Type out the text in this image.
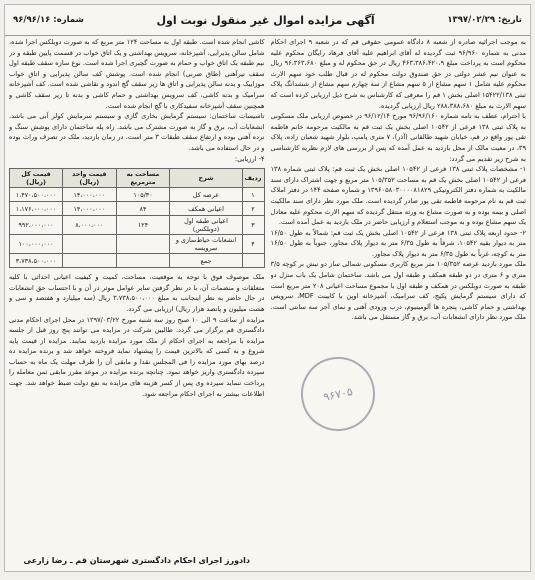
تاریخ: ۱۳۹۷/۰۲/۲۹
آگهی مزایده اموال غیر منقول نوبت اول
شماره: ۹۶/۹۶/۱۶

به موجب اجرائیه صادره از شعبه ۸ دادگاه عمومی حقوقی قم که در شعبه ۹ اجرای احکام مدنی به شماره ۹۶/۹۶۰ ثبت گردیده له آقای ابراهیم علیه آقای فرهاد رایگان محکوم علیه محکوم است به پرداخت مبلغ ۴۶۳،۳۸۶،۴۲۰،۹ ریال در حق محکوم له و مبلغ ۹۶،۳۶۳،۶۸۰ ریال به عنوان نیم عشر دولتی در حق صندوق دولت محکوم له در قبال طلب خود سهم الارث محکوم علیه شامل ۱ سهم مشاع از ۵ سهم مشاع از سه چهارم سهم مشاع از ششدانگ پلاک ثبتی ۱۵۴۲۲/۱۳۸ اصلی بخش ۱ قم را معرفی که کارشناس به شرح ذیل ارزیابی کرده است که سهم الارث به مبلغ ۲۸۸،۳۸۸،۶۸۰ ریال ارزیابی گردیده.

با احترام، عطف به نامه شماره ۹۶/۹۶/۱۶۰ مورخ ۹۶/۱۲/۱۴ در خصوص ارزیابی ملک مسکونی به پلاک ثبتی ۱۳۸ فرعی از ۱۰۵۴۲ اصلی بخش یک ثبت قم به مالکیت مرحومه خانم فاطمه تقی پور واقع در قم، خیابان شهید طالقانی (آذر)، ۷ متری پامپ، بلوار شهید شعبان زاده، پلاک ۳۹، در معیت مالک از محل بازدید به عمل آمده که پس از بررسی های لازم نظریه کارشناسی به شرح زیر تقدیم می گردد:

۱- مشخصات پلاک ثبتی ۱۳۸ فرعی از ۱۰۵۴۲ اصلی بخش یک ثبت قم: پلاک ثبتی شماره ۱۳۸ فرعی از ۱۰۵۴۲ اصلی بخش یک قم به مساحت ۱۰۵/۳۵۲ متر مربع و جهت اشتراک دارای سند مالکیت به شماره دفتر الکترونیکی ۱۳۹۶۰۵۸۰۳۰۰۰۰۸۱۸۲۹ و شماره صفحه ۱۴۴ در دفتر املاک ثبت قم به نام مرحومه فاطمه تقی پور صادر گردیده است. ملک مورد نظر دارای سند مالکیت اصلی و بیمه بوده و به صورت مشاع به ورثه منتقل گردیده که سهم الارث محکوم علیه معادل یک سهم مشاع بوده و به موجب استعلام و ارزیابی حاضر در ملک بازدید به عمل آمده است.

۲- حدود اربعه پلاک ثبتی ۱۳۸ فرعی از ۱۰۵۴۲ اصلی بخش یک ثبت قم: شمالاً به طول ۱۶/۵۰ متر به دیوار بقیه ۱۰۵۴۲، شرقاً به طول ۶/۳۵ متر به دیوار پلاک مجاور، جنوباً به طول ۱۶/۵۰ متر به کوچه، غرباً به طول ۶/۳۵ متر به دیوار پلاک مجاور.

ملک مورد بازدید عرصه ۱۰۵/۳۵۲ متر مربع کاربری مسکونی شمالی ساز دو نبش بر کوچه ۳/۵ متری و ۶ متری در دو طبقه همکف و طبقه اول می باشد. ساختمان شامل یک باب منزل دو طبقه به صورت دوبلکس در همکف و طبقه اول با مجموع مساحت اعیانی ۲۰۸ متر مربع است که دارای سیستم گرمایش پکیج، کف سرامیک، آشپزخانه اوپن با کابینت MDF، سرویس بهداشتی و حمام کاشی، پنجره ها آلومینیوم، درب ورودی آهنی و نمای آجر سه سانتی است. ملک مورد نظر دارای انشعابات آب، برق و گاز مستقل می باشد.

۹۶۷۰۵

کاشی انجام شده است. طبقه اول به مساحت ۱۲۴ متر مربع که به صورت دوبلکس اجرا شده، شامل سالن پذیرایی، آشپزخانه، سرویس بهداشتی و یک اتاق خواب در قسمت پایین طبقه و در نیم طبقه یک اتاق خواب و حمام به صورت گچبری اجرا شده است. نوع سازه سقف طبقه اول سقف تیرآهنی (طاق ضربی) انجام شده است. پوشش کف سالن پذیرایی و اتاق خواب موزاییک و بدنه سالن پذیرایی و اتاق ها زیر سقف گچ اندود و نقاشی شده است. کف آشپزخانه سرامیک و بدنه کاشی، کف سرویس بهداشتی و حمام کاشی و بدنه تا زیر سقف کاشی و همچنین سقف آشپزخانه سفیدکاری با گچ انجام شده است.

تاسیسات ساختمان: سیستم گرمایش بخاری گازی و سیستم سرمایش کولر آبی می باشد. انشعابات آب، برق و گاز به صورت مشترک می باشد. راه پله ساختمان دارای پوشش سنگ و نرده آهنی بوده و ارتفاع سقف طبقات ۳ متر است. در زمان بازدید، ملک در تصرف وراث بوده و در حال استفاده می باشد.

۴- ارزیابی:

ردیف	شرح	مساحت به مترمربع	قیمت واحد (ریال)	قیمت کل (ریال)
۱	عرصه کل	۱۰۵/۳۰	۱۴،۰۰۰،۰۰۰	۱،۴۷۰،۵۰۰،۰۰۰
۲	اعیانی همکف	۸۴	۱۴،۰۰۰،۰۰۰	۱،۱۷۶،۰۰۰،۰۰۰
۳	اعیانی طبقه اول (دوبلکس)	۱۲۴	۸،۰۰۰،۰۰۰	۹۹۲،۰۰۰،۰۰۰
۴	انشعابات حیاط‌سازی و سرویسه			۱۰۰،۰۰۰،۰۰۰
	جمع			۳،۷۳۸،۵۰۰،۰۰۰

ملک موصوف فوق با توجه به موقعیت، مساحت، کمیت و کیفیت اعیانی احداثی با کلیه متعلقات و منضمات آن، با در نظر گرفتن سایر عوامل موثر در آن و با احتساب حق انشعابات در حال حاضر به نظر اینجانب به مبلغ ۳،۷۳۸،۵۰۰،۰۰۰ ریال (سه میلیارد و هفتصد و سی و هشت میلیون و پانصد هزار ریال) ارزیابی می گردد.

مزایده از ساعت ۹ الی ۱۰ صبح روز سه شنبه مورخ ۱۳۹۷/۰۳/۲۲ در محل اجرای احکام مدنی دادگستری قم برگزار می گردد. طالبین شرکت در مزایده می توانند پنج روز قبل از جلسه مزایده با مراجعه به اجرای احکام از ملک مورد مزایده بازدید نمایند. مزایده از قیمت پایه شروع و به کسی که بالاترین قیمت را پیشنهاد نماید فروخته خواهد شد و برنده مزایده ده درصد بهای مورد مزایده را فی المجلس نقدا و مابقی آن را ظرف مهلت یک ماه به حساب سپرده دادگستری واریز خواهد نمود. چنانچه برنده مزایده در موعد مقرر مابقی ثمن معامله را پرداخت ننماید سپرده وی پس از کسر هزینه های مزایده به نفع دولت ضبط خواهد شد. جهت اطلاعات بیشتر به اجرای احکام مراجعه شود.

دادورز اجرای احکام دادگستری شهرستان قم ـ رضا زارعی
